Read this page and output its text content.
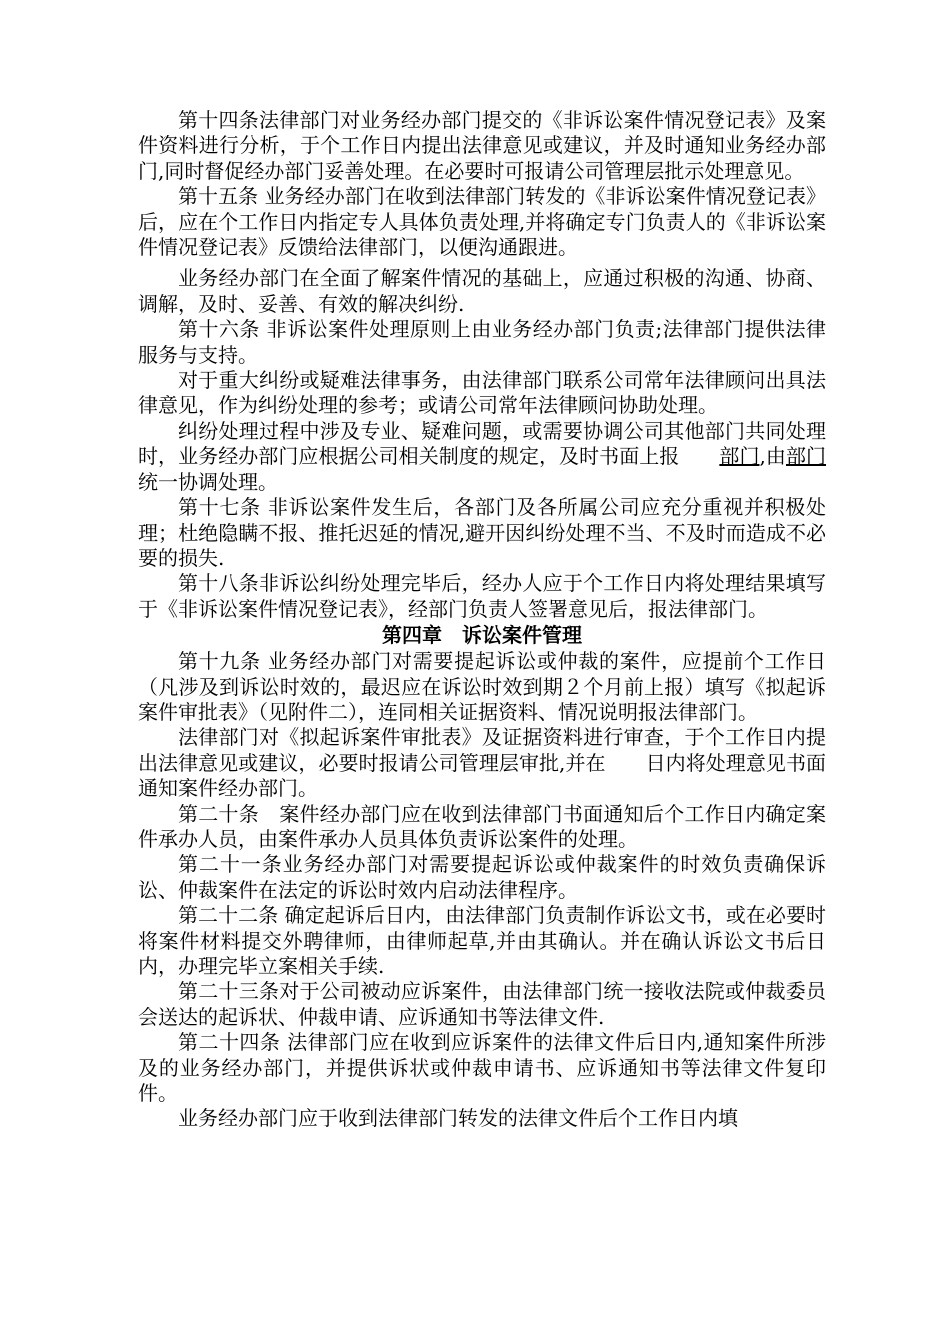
第十四条法律部门对业务经办部门提交的《非诉讼案件情况登记表》及案件资料进行分析，于个工作日内提出法律意见或建议，并及时通知业务经办部门,同时督促经办部门妥善处理。在必要时可报请公司管理层批示处理意见。

第十五条 业务经办部门在收到法律部门转发的《非诉讼案件情况登记表》后，应在个工作日内指定专人具体负责处理,并将确定专门负责人的《非诉讼案件情况登记表》反馈给法律部门，以便沟通跟进。

业务经办部门在全面了解案件情况的基础上，应通过积极的沟通、协商、调解，及时、妥善、有效的解决纠纷.

第十六条 非诉讼案件处理原则上由业务经办部门负责;法律部门提供法律服务与支持。

对于重大纠纷或疑难法律事务，由法律部门联系公司常年法律顾问出具法律意见，作为纠纷处理的参考；或请公司常年法律顾问协助处理。

纠纷处理过程中涉及专业、疑难问题，或需要协调公司其他部门共同处理时，业务经办部门应根据公司相关制度的规定，及时书面上报 部门,由部门统一协调处理。

第十七条 非诉讼案件发生后，各部门及各所属公司应充分重视并积极处理；杜绝隐瞒不报、推托迟延的情况,避开因纠纷处理不当、不及时而造成不必要的损失.

第十八条非诉讼纠纷处理完毕后，经办人应于个工作日内将处理结果填写于《非诉讼案件情况登记表》，经部门负责人签署意见后，报法律部门。

第四章　诉讼案件管理

第十九条 业务经办部门对需要提起诉讼或仲裁的案件，应提前个工作日（凡涉及到诉讼时效的，最迟应在诉讼时效到期２个月前上报）填写《拟起诉案件审批表》（见附件二），连同相关证据资料、情况说明报法律部门。

法律部门对《拟起诉案件审批表》及证据资料进行审查，于个工作日内提出法律意见或建议，必要时报请公司管理层审批,并在 日内将处理意见书面通知案件经办部门。

第二十条　案件经办部门应在收到法律部门书面通知后个工作日内确定案件承办人员，由案件承办人员具体负责诉讼案件的处理。

第二十一条业务经办部门对需要提起诉讼或仲裁案件的时效负责确保诉讼、仲裁案件在法定的诉讼时效内启动法律程序。

第二十二条 确定起诉后日内，由法律部门负责制作诉讼文书，或在必要时将案件材料提交外聘律师，由律师起草,并由其确认。并在确认诉讼文书后日内，办理完毕立案相关手续.

第二十三条对于公司被动应诉案件，由法律部门统一接收法院或仲裁委员会送达的起诉状、仲裁申请、应诉通知书等法律文件.

第二十四条 法律部门应在收到应诉案件的法律文件后日内,通知案件所涉及的业务经办部门，并提供诉状或仲裁申请书、应诉通知书等法律文件复印件。

业务经办部门应于收到法律部门转发的法律文件后个工作日内填
